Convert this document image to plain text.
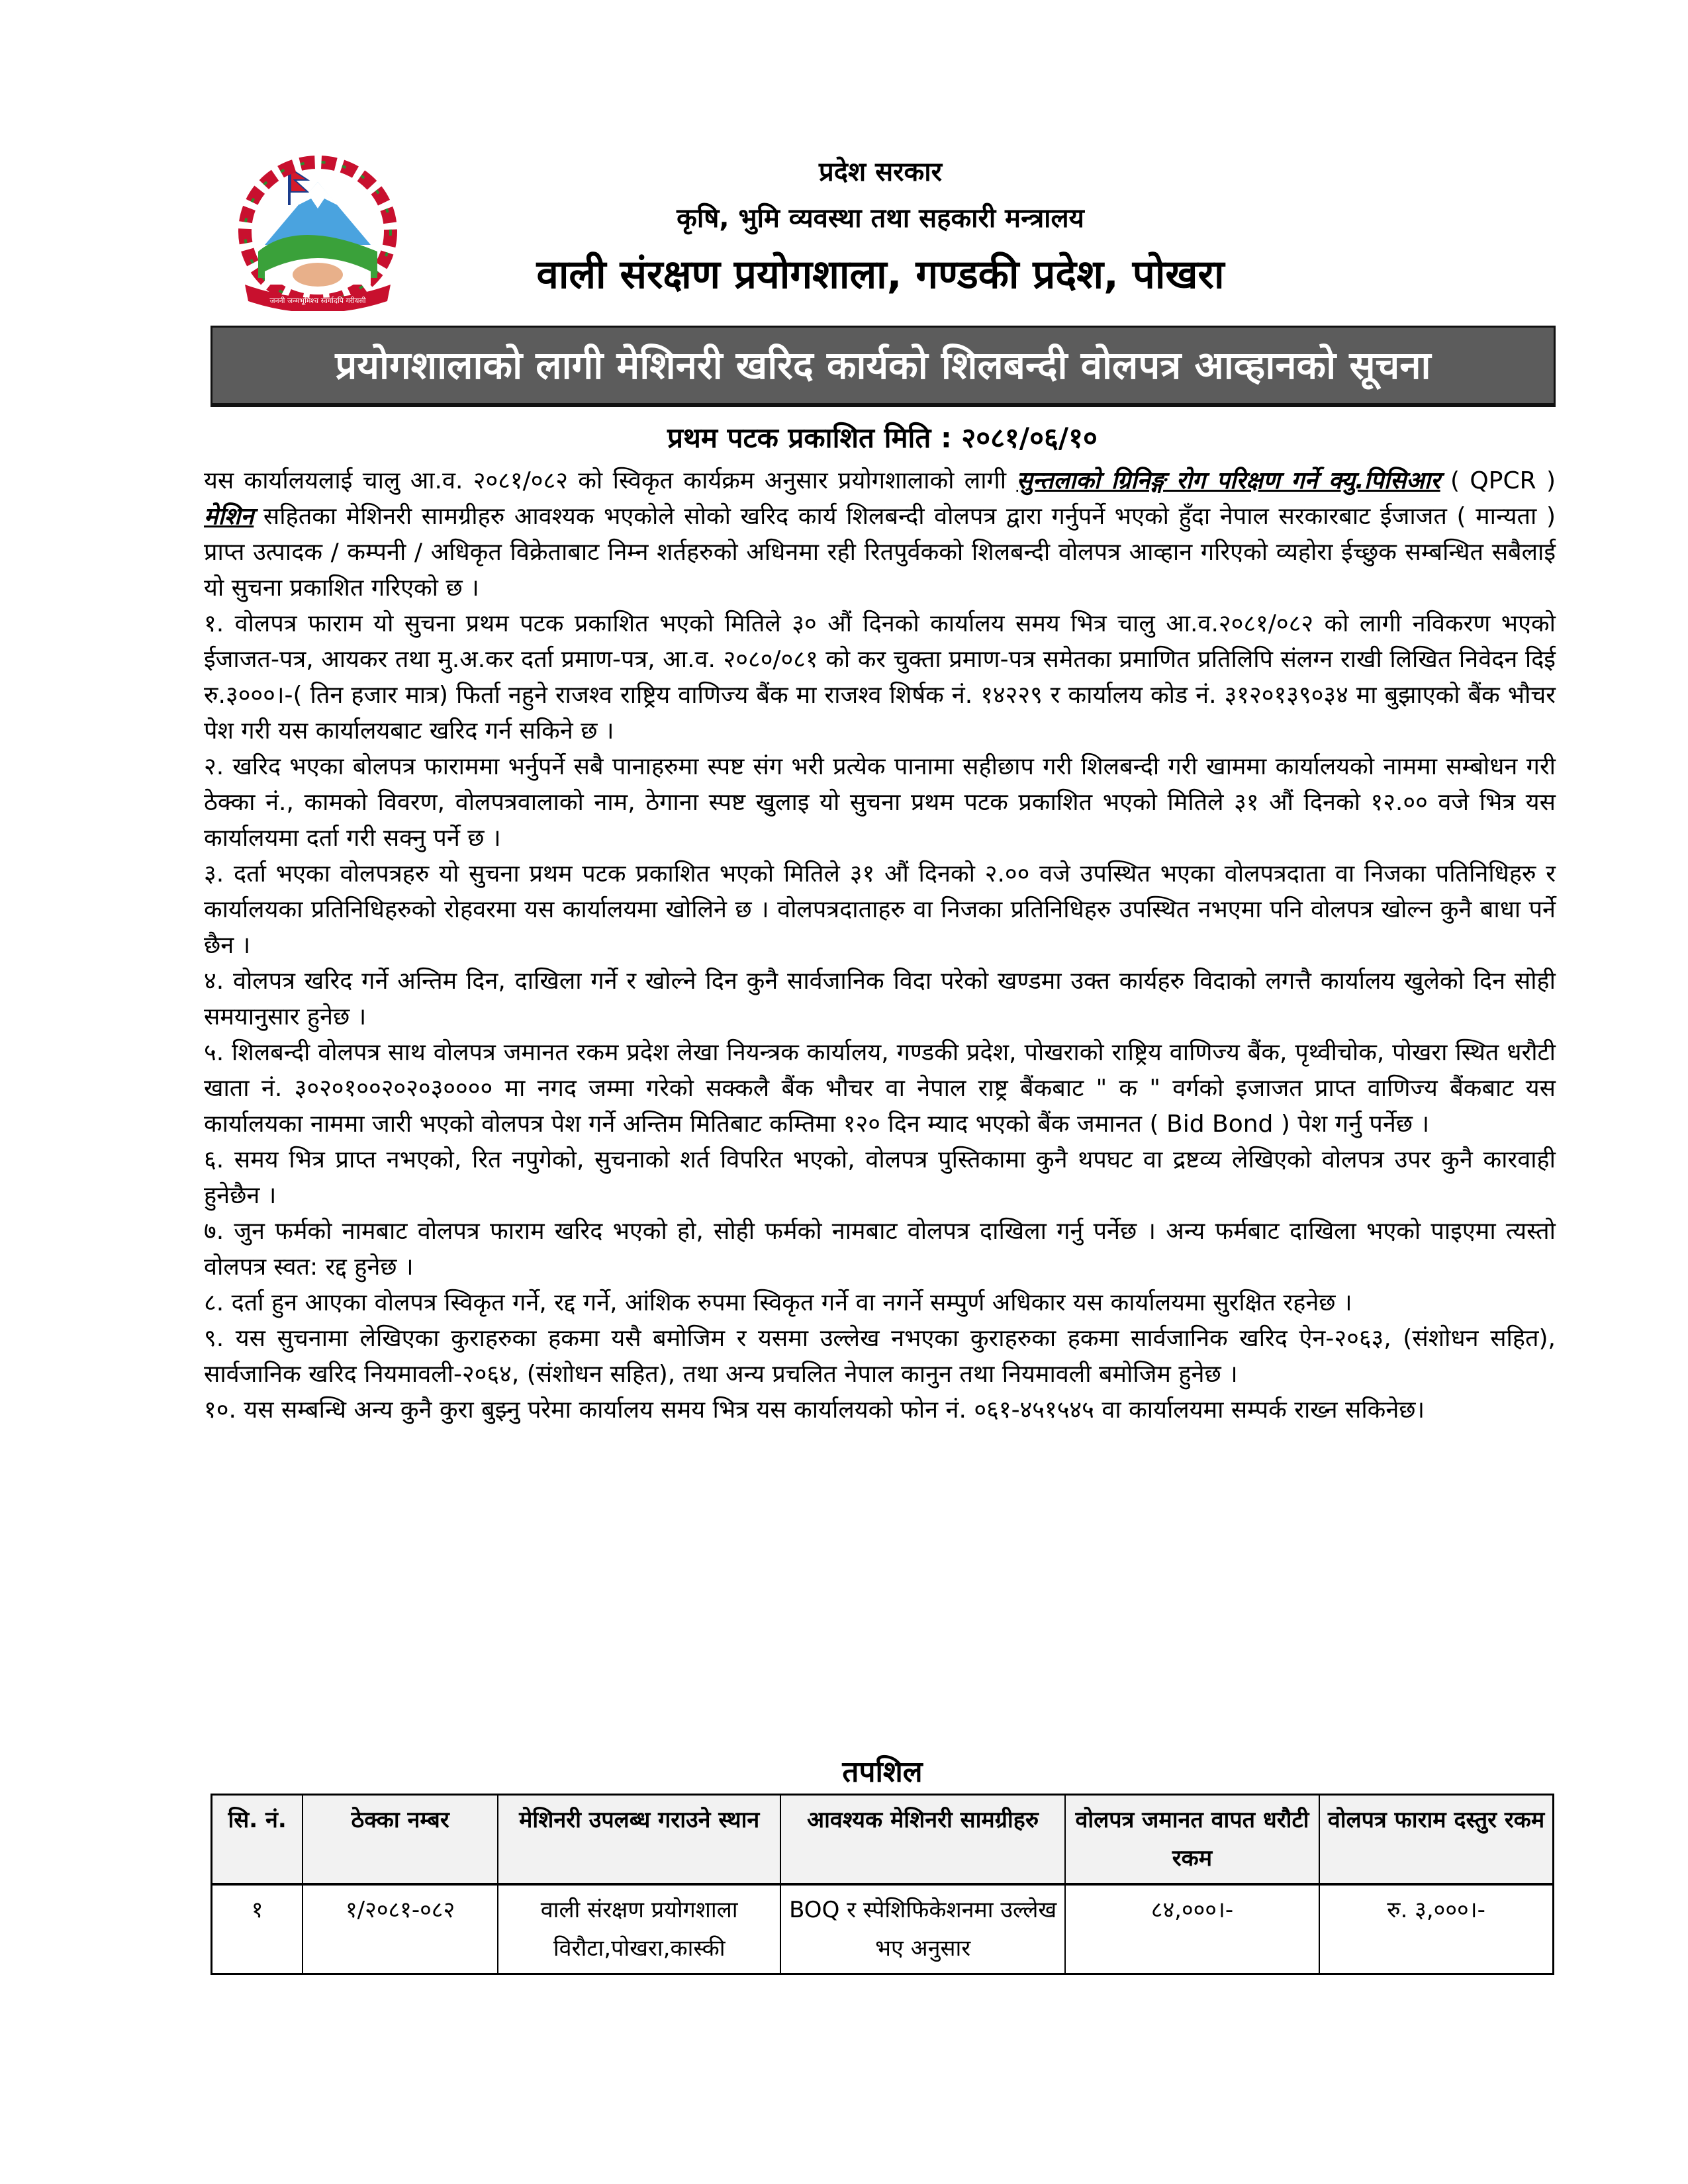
जननी जन्मभूमिश्च स्वर्गादपि गरीयसी
प्रदेश सरकार
कृषि, भुमि व्यवस्था तथा सहकारी मन्त्रालय
वाली संरक्षण प्रयोगशाला, गण्डकी प्रदेश, पोखरा
प्रयोगशालाको लागी मेशिनरी खरिद कार्यको शिलबन्दी वोलपत्र आव्हानको सूचना
प्रथम पटक प्रकाशित मिति : २०८१/०६/१०

यस कार्यालयलाई चालु आ.व. २०८१/०८२ को स्विकृत कार्यक्रम अनुसार प्रयोगशालाको लागी सुन्तलाको ग्रिनिङ्ग रोग परिक्षण गर्ने क्यु.पिसिआर ( QPCR ) मेशिन सहितका मेशिनरी सामग्रीहरु आवश्यक भएकोले सोको खरिद कार्य शिलबन्दी वोलपत्र द्वारा गर्नुपर्ने भएको हुँदा नेपाल सरकारबाट ईजाजत ( मान्यता ) प्राप्त उत्पादक / कम्पनी / अधिकृत विक्रेताबाट निम्न शर्तहरुको अधिनमा रही रितपुर्वकको शिलबन्दी वोलपत्र आव्हान गरिएको व्यहोरा ईच्छुक सम्बन्धित सबैलाई यो सुचना प्रकाशित गरिएको छ ।

१. वोलपत्र फाराम यो सुचना प्रथम पटक प्रकाशित भएको मितिले ३० औं दिनको कार्यालय समय भित्र चालु आ.व.२०८१/०८२ को लागी नविकरण भएको ईजाजत-पत्र, आयकर तथा मु.अ.कर दर्ता प्रमाण-पत्र, आ.व. २०८०/०८१ को कर चुक्ता प्रमाण-पत्र समेतका प्रमाणित प्रतिलिपि संलग्न राखी लिखित निवेदन दिई रु.३०००।-( तिन हजार मात्र) फिर्ता नहुने राजश्व राष्ट्रिय वाणिज्य बैंक मा राजश्व शिर्षक नं. १४२२९ र कार्यालय कोड नं. ३१२०१३९०३४ मा बुझाएको बैंक भौचर पेश गरी यस कार्यालयबाट खरिद गर्न सकिने छ ।

२. खरिद भएका बोलपत्र फाराममा भर्नुपर्ने सबै पानाहरुमा स्पष्ट संग भरी प्रत्येक पानामा सहीछाप गरी शिलबन्दी गरी खाममा कार्यालयको नाममा सम्बोधन गरी ठेक्का नं., कामको विवरण, वोलपत्रवालाको नाम, ठेगाना स्पष्ट खुलाइ यो सुचना प्रथम पटक प्रकाशित भएको मितिले ३१ औं दिनको १२.०० वजे भित्र यस कार्यालयमा दर्ता गरी सक्नु पर्ने छ ।

३. दर्ता भएका वोलपत्रहरु यो सुचना प्रथम पटक प्रकाशित भएको मितिले ३१ औं दिनको २.०० वजे उपस्थित भएका वोलपत्रदाता वा निजका पतिनिधिहरु र कार्यालयका प्रतिनिधिहरुको रोहवरमा यस कार्यालयमा खोलिने छ । वोलपत्रदाताहरु वा निजका प्रतिनिधिहरु उपस्थित नभएमा पनि वोलपत्र खोल्न कुनै बाधा पर्ने छैन ।

४. वोलपत्र खरिद गर्ने अन्तिम दिन, दाखिला गर्ने र खोल्ने दिन कुनै सार्वजानिक विदा परेको खण्डमा उक्त कार्यहरु विदाको लगत्तै कार्यालय खुलेको दिन सोही समयानुसार हुनेछ ।

५. शिलबन्दी वोलपत्र साथ वोलपत्र जमानत रकम प्रदेश लेखा नियन्त्रक कार्यालय, गण्डकी प्रदेश, पोखराको राष्ट्रिय वाणिज्य बैंक, पृथ्वीचोक, पोखरा स्थित धरौटी खाता नं. ३०२०१००२०२०३०००० मा नगद जम्मा गरेको सक्कलै बैंक भौचर वा नेपाल राष्ट्र बैंकबाट " क " वर्गको इजाजत प्राप्त वाणिज्य बैंकबाट यस कार्यालयका नाममा जारी भएको वोलपत्र पेश गर्ने अन्तिम मितिबाट कम्तिमा १२० दिन म्याद भएको बैंक जमानत ( Bid Bond ) पेश गर्नु पर्नेछ ।

६. समय भित्र प्राप्त नभएको, रित नपुगेको, सुचनाको शर्त विपरित भएको, वोलपत्र पुस्तिकामा कुनै थपघट वा द्रष्टव्य लेखिएको वोलपत्र उपर कुनै कारवाही हुनेछैन ।

७. जुन फर्मको नामबाट वोलपत्र फाराम खरिद भएको हो, सोही फर्मको नामबाट वोलपत्र दाखिला गर्नु पर्नेछ । अन्य फर्मबाट दाखिला भएको पाइएमा त्यस्तो वोलपत्र स्वत: रद्द हुनेछ ।

८. दर्ता हुन आएका वोलपत्र स्विकृत गर्ने, रद्द गर्ने, आंशिक रुपमा स्विकृत गर्ने वा नगर्ने सम्पुर्ण अधिकार यस कार्यालयमा सुरक्षित रहनेछ ।

९. यस सुचनामा लेखिएका कुराहरुका हकमा यसै बमोजिम र यसमा उल्लेख नभएका कुराहरुका हकमा सार्वजानिक खरिद ऐन-२०६३, (संशोधन सहित), सार्वजानिक खरिद नियमावली-२०६४, (संशोधन सहित), तथा अन्य प्रचलित नेपाल कानुन तथा नियमावली बमोजिम हुनेछ ।

१०. यस सम्बन्धि अन्य कुनै कुरा बुझ्नु परेमा कार्यालय समय भित्र यस कार्यालयको फोन नं. ०६१-४५१५४५ वा कार्यालयमा सम्पर्क राख्न सकिनेछ।

तपशिल
सि. नं.	ठेक्का नम्बर	मेशिनरी उपलब्ध गराउने स्थान	आवश्यक मेशिनरी सामग्रीहरु	वोलपत्र जमानत वापत धरौटी रकम	वोलपत्र फाराम दस्तुर रकम
१	१/२०८१-०८२	वाली संरक्षण प्रयोगशाला विरौटा,पोखरा,कास्की	BOQ र स्पेशिफिकेशनमा उल्लेख भए अनुसार	८४,०००।-	रु. ३,०००।-
